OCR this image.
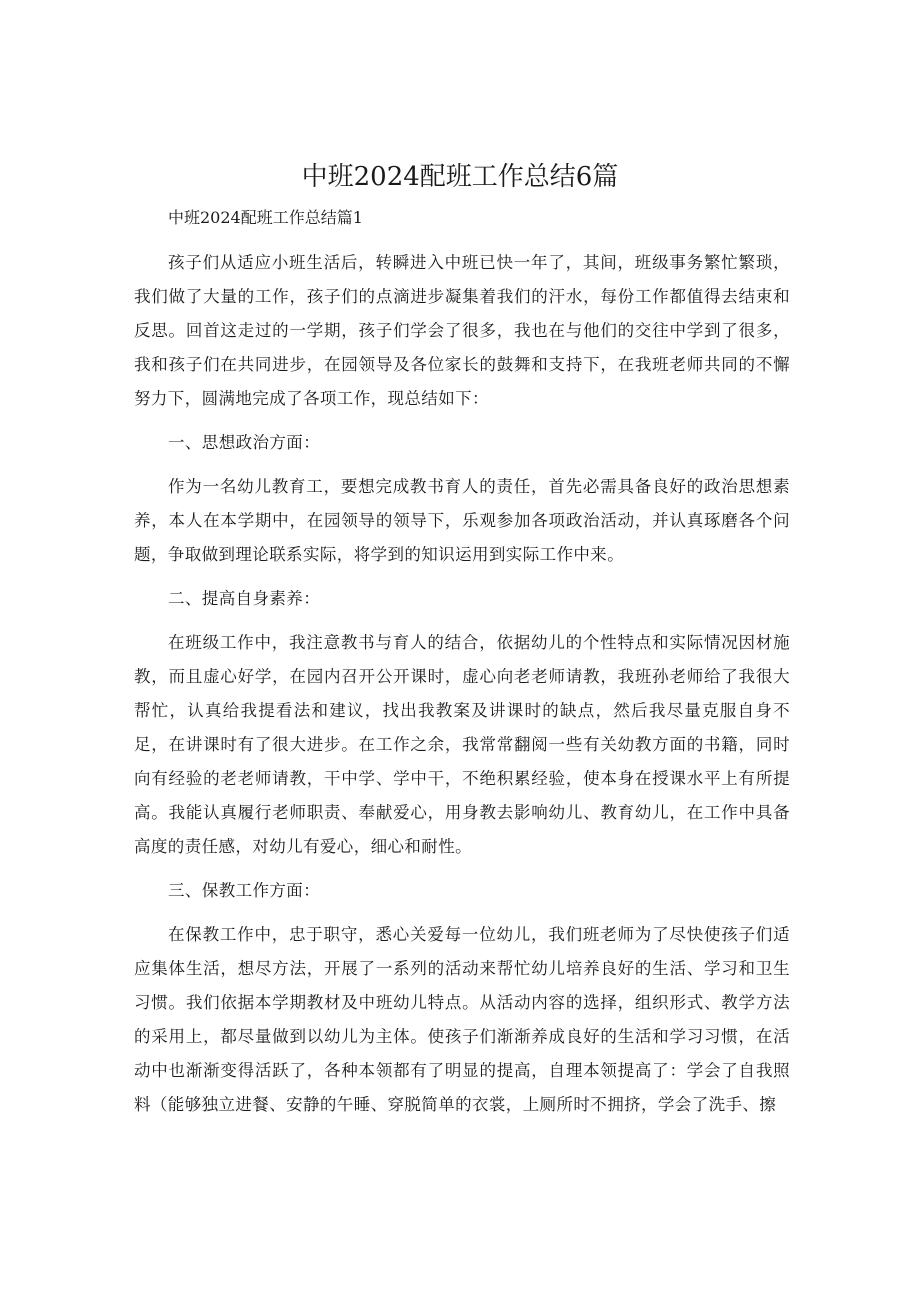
中班2024配班工作总结6篇

中班2024配班工作总结篇1

孩子们从适应小班生活后，转瞬进入中班已快一年了，其间，班级事务繁忙繁琐，我们做了大量的工作，孩子们的点滴进步凝集着我们的汗水，每份工作都值得去结束和反思。回首这走过的一学期，孩子们学会了很多，我也在与他们的交往中学到了很多，我和孩子们在共同进步，在园领导及各位家长的鼓舞和支持下，在我班老师共同的不懈努力下，圆满地完成了各项工作，现总结如下：

一、思想政治方面：

作为一名幼儿教育工，要想完成教书育人的责任，首先必需具备良好的政治思想素养，本人在本学期中，在园领导的领导下，乐观参加各项政治活动，并认真琢磨各个问题，争取做到理论联系实际，将学到的知识运用到实际工作中来。

二、提高自身素养：

在班级工作中，我注意教书与育人的结合，依据幼儿的个性特点和实际情况因材施教，而且虚心好学，在园内召开公开课时，虚心向老老师请教，我班孙老师给了我很大帮忙，认真给我提看法和建议，找出我教案及讲课时的缺点，然后我尽量克服自身不足，在讲课时有了很大进步。在工作之余，我常常翻阅一些有关幼教方面的书籍，同时向有经验的老老师请教，干中学、学中干，不绝积累经验，使本身在授课水平上有所提高。我能认真履行老师职责、奉献爱心，用身教去影响幼儿、教育幼儿，在工作中具备高度的责任感，对幼儿有爱心，细心和耐性。

三、保教工作方面：

在保教工作中，忠于职守，悉心关爱每一位幼儿，我们班老师为了尽快使孩子们适应集体生活，想尽方法，开展了一系列的活动来帮忙幼儿培养良好的生活、学习和卫生习惯。我们依据本学期教材及中班幼儿特点。从活动内容的选择，组织形式、教学方法的采用上，都尽量做到以幼儿为主体。使孩子们渐渐养成良好的生活和学习习惯，在活动中也渐渐变得活跃了，各种本领都有了明显的提高，自理本领提高了：学会了自我照料（能够独立进餐、安静的午睡、穿脱简单的衣裳，上厕所时不拥挤，学会了洗手、擦
